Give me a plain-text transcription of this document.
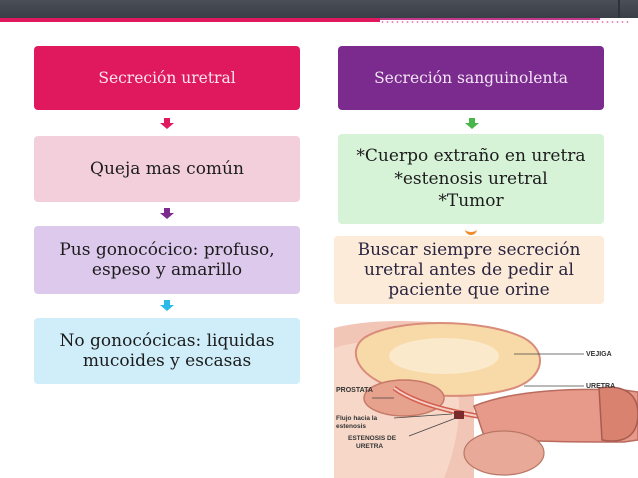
Secreción uretral
Queja mas común
Pus gonocócico: profuso, espeso y amarillo
No gonocócicas: liquidas mucoides y escasas
Secreción sanguinolenta
*Cuerpo extraño en uretra
*estenosis uretral
*Tumor
Buscar siempre secreción uretral antes de pedir al paciente que orine
VEJIGA
URETRA
PROSTATA
Flujo hacia la
estenosis
ESTENOSIS DE
URETRA
